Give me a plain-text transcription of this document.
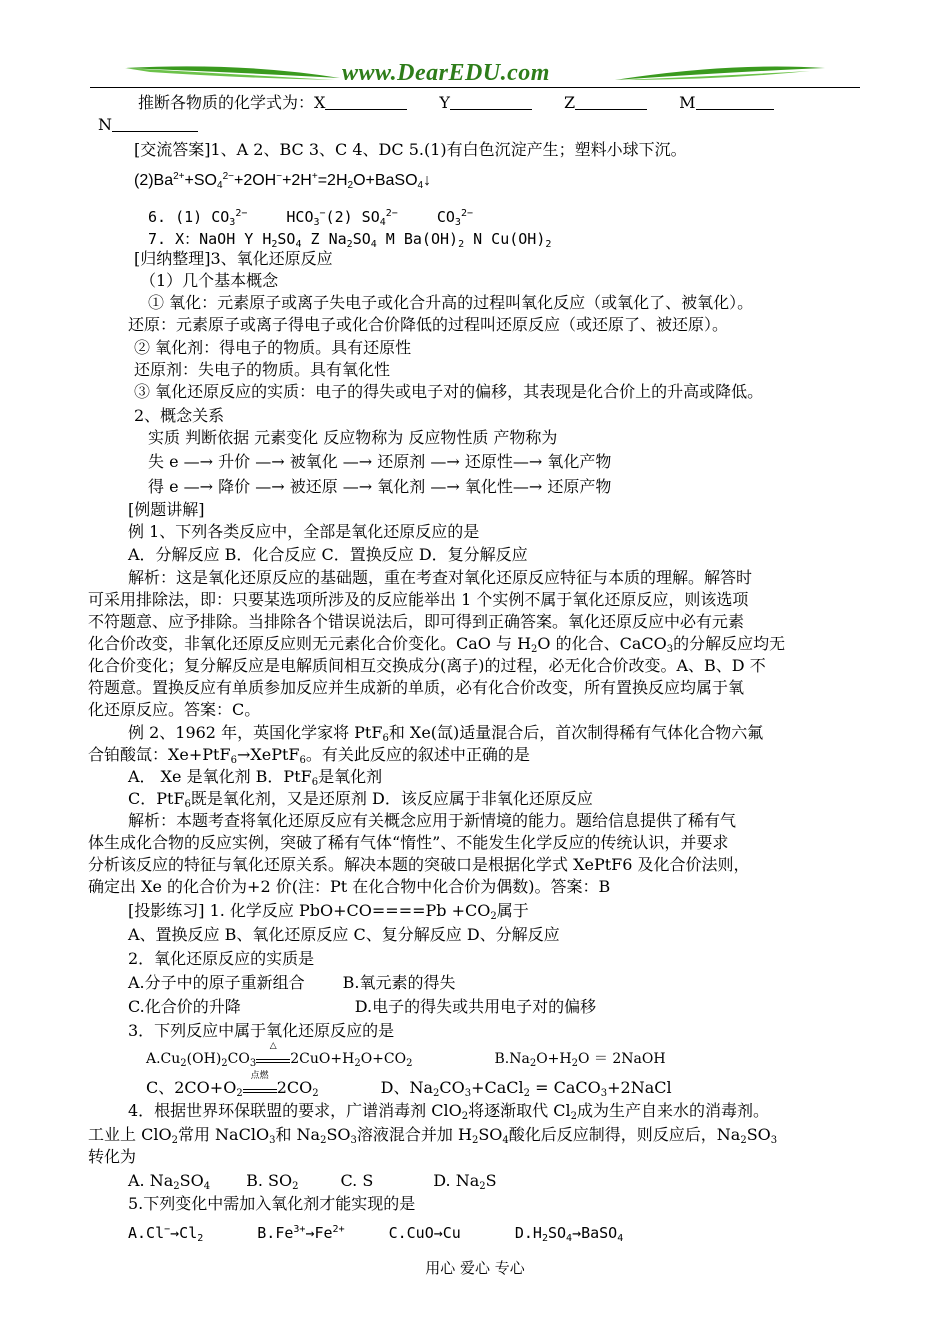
www.DearEDU.com
推断各物质的化学式为：X　　	Y　　	Z　　	M
N
[交流答案]1、A 2、BC 3、C 4、DC 5.(1)有白色沉淀产生；塑料小球下沉。
$(2)Ba^{2+}+SO_4^{2-}+2OH^-+2H^+=2H_2O+BaSO_4↓$
6. (1) $CO_3^{2-}$　　	$HCO_3^-(2)$ $SO_4^{2-}$　　	$CO_3^{2-}$
7. X：NaOH Y $H_2SO_4$ Z $Na_2SO_4$ M $Ba(OH)_2$ N $Cu(OH)_2$
[归纳整理]3、氧化还原反应
（1）几个基本概念
① 氧化：元素原子或离子失电子或化合升高的过程叫氧化反应（或氧化了、被氧化）。
还原：元素原子或离子得电子或化合价降低的过程叫还原反应（或还原了、被还原）。
② 氧化剂：得电子的物质。具有还原性
还原剂：失电子的物质。具有氧化性
③ 氧化还原反应的实质：电子的得失或电子对的偏移，其表现是化合价上的升高或降低。
2、概念关系
实质 判断依据 元素变化 反应物称为 反应物性质 产物称为
失 e —→ 升价 —→ 被氧化 —→ 还原剂 —→ 还原性—→ 氧化产物
得 e —→ 降价 —→ 被还原 —→ 氧化剂 —→ 氧化性—→ 还原产物
[例题讲解]
例 1、下列各类反应中，全部是氧化还原反应的是
A．分解反应 B．化合反应 C．置换反应 D．复分解反应
解析：这是氧化还原反应的基础题，重在考查对氧化还原反应特征与本质的理解。解答时
可采用排除法，即：只要某选项所涉及的反应能举出 1 个实例不属于氧化还原反应，则该选项
不符题意、应予排除。当排除各个错误说法后，即可得到正确答案。氧化还原反应中必有元素
化合价改变，非氧化还原反应则无元素化合价变化。CaO 与 $H_2O$ 的化合、CaCO$_3$的分解反应均无
化合价变化；复分解反应是电解质间相互交换成分(离子)的过程，必无化合价改变。A、B、D 不
符题意。置换反应有单质参加反应并生成新的单质，必有化合价改变，所有置换反应均属于氧
化还原反应。答案：C。
例 2、1962 年，英国化学家将 PtF$_6$和 Xe(氙)适量混合后，首次制得稀有气体化合物六氟
合铂酸氙：Xe+PtF$_6$→XePtF$_6$。有关此反应的叙述中正确的是
A． Xe 是氧化剂 B．PtF$_6$是氧化剂
C．PtF$_6$既是氧化剂，又是还原剂 D．该反应属于非氧化还原反应
解析：本题考查将氧化还原反应有关概念应用于新情境的能力。题给信息提供了稀有气
体生成化合物的反应实例，突破了稀有气体“惰性”、不能发生化学反应的传统认识，并要求
分析该反应的特征与氧化还原关系。解决本题的突破口是根据化学式 XePtF6 及化合价法则，
确定出 Xe 的化合价为+2 价(注：Pt 在化合物中化合价为偶数)。答案：B
[投影练习] 1. 化学反应 $PbO+CO====Pb +CO_2$属于
A、置换反应 B、氧化还原反应 C、复分解反应 D、分解反应
2．氧化还原反应的实质是
A.分子中的原子重新组合 B.氧元素的得失
C.化合价的升降	D.电子的得失或共用电子对的偏移
3．下列反应中属于氧化还原反应的是
$A.Cu_2(OH)_2CO_3$
△
$2CuO+H_2O+CO_2$	$B.Na_2O+H_2O$ ＝ 2NaOH
C、$2CO+O_2$
点燃
$2CO_2$	D、$Na_2CO_3+CaCl_2$ = CaCO$_3$+2NaCl
4．根据世界环保联盟的要求，广谱消毒剂 ClO$_2$将逐渐取代 $Cl_2$成为生产自来水的消毒剂。
工业上 ClO$_2$常用 NaClO$_3$和 $Na_2SO_3$溶液混合并加 $H_2SO_4$酸化后反应制得，则反应后，$Na_2SO_3$
转化为
A. $Na_2SO_4$ B. $SO_2$	C. S	D. $Na_2S$
5.下列变化中需加入氧化剂才能实现的是
$A.Cl^-\to Cl_2$	$B.Fe^{3+}\to Fe^{2+}$	C.CuO→Cu	$D.H_2SO_4\to BaSO_4$
用心 爱心 专心
